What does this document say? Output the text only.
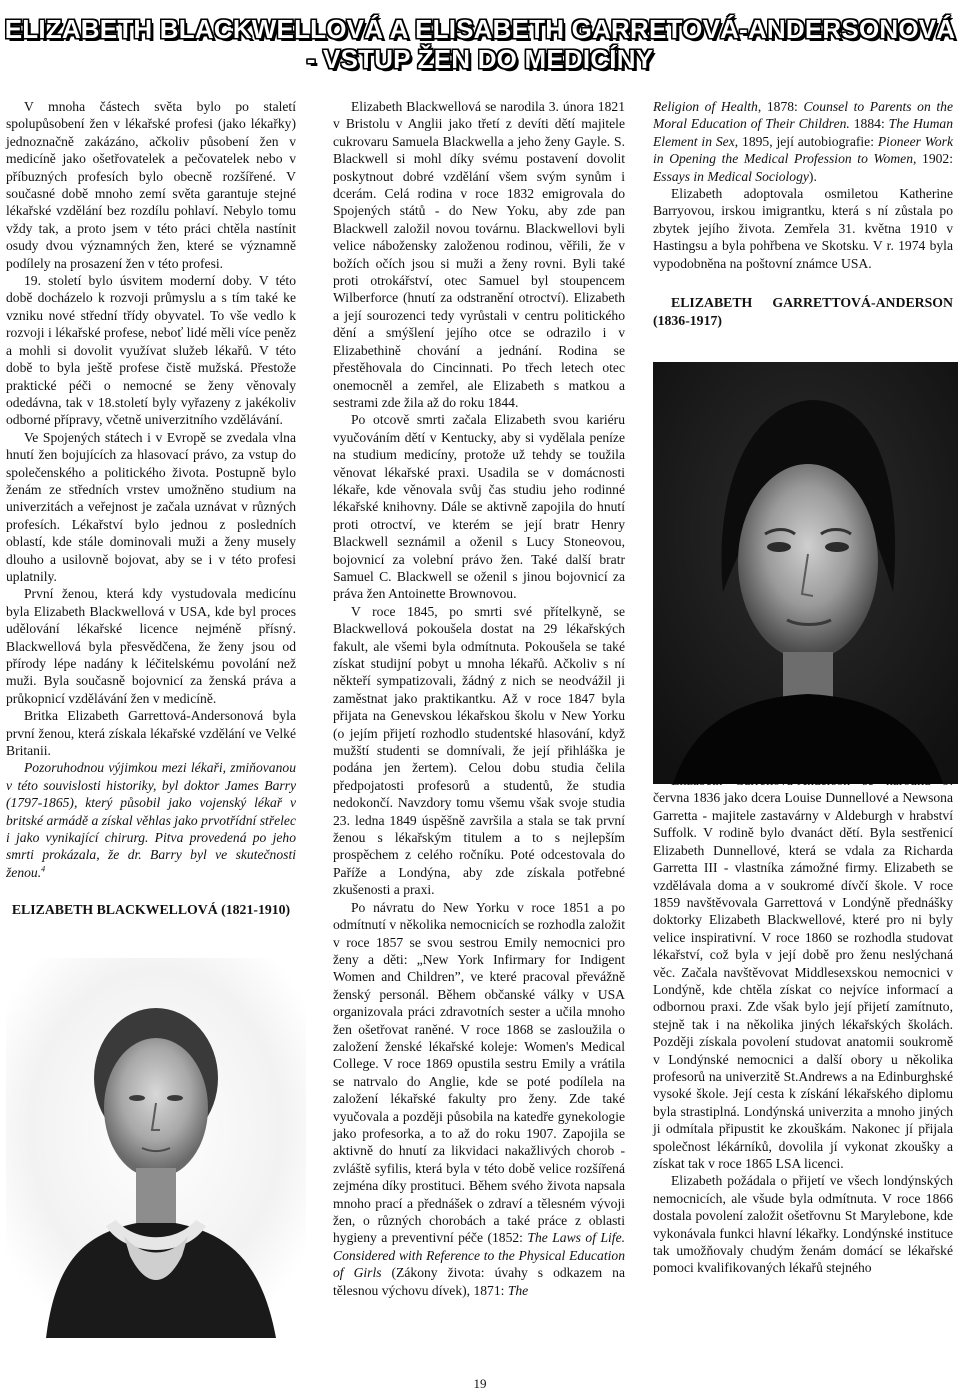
ELIZABETH BLACKWELLOVÁ A ELISABETH GARRETOVÁ-ANDERSONOVÁ - VSTUP ŽEN DO MEDICÍNY

V mnoha částech světa bylo po staletí spolupůsobení žen v lékařské profesi (jako lékařky) jednoznačně zakázáno, ačkoliv působení žen v medicíně jako ošetřovatelek a pečovatelek nebo v příbuzných profesích bylo obecně rozšířené. V současné době mnoho zemí světa garantuje stejné lékařské vzdělání bez rozdílu pohlaví. Nebylo tomu vždy tak, a proto jsem v této práci chtěla nastínit osudy dvou významných žen, které se významně podílely na prosazení žen v této profesi.

19. století bylo úsvitem moderní doby. V této době docházelo k rozvoji průmyslu a s tím také ke vzniku nové střední třídy obyvatel. To vše vedlo k rozvoji i lékařské profese, neboť lidé měli více peněz a mohli si dovolit využívat služeb lékařů. V této době to byla ještě profese čistě mužská. Přestože praktické péči o nemocné se ženy věnovaly odedávna, tak v 18.století byly vyřazeny z jakékoliv odborné přípravy, včetně univerzitního vzdělávání.

Ve Spojených státech i v Evropě se zvedala vlna hnutí žen bojujících za hlasovací právo, za vstup do společenského a politického života. Postupně bylo ženám ze středních vrstev umožněno studium na univerzitách a veřejnost je začala uznávat v různých profesích. Lékařství bylo jednou z posledních oblastí, kde stále dominovali muži a ženy musely dlouho a usilovně bojovat, aby se i v této profesi uplatnily.

První ženou, která kdy vystudovala medicínu byla Elizabeth Blackwellová v USA, kde byl proces udělování lékařské licence nejméně přísný. Blackwellová byla přesvědčena, že ženy jsou od přírody lépe nadány k léčitelskému povolání než muži. Byla současně bojovnicí za ženská práva a průkopnicí vzdělávání žen v medicíně.

Britka Elizabeth Garrettová-Andersonová byla první ženou, která získala lékařské vzdělání ve Velké Britanii.

Pozoruhodnou výjimkou mezi lékaři, zmiňovanou v této souvislosti historiky, byl doktor James Barry (1797-1865), který působil jako vojenský lékař v britské armádě a získal věhlas jako prvotřídní střelec i jako vynikající chirurg. Pitva provedená po jeho smrti prokázala, že dr. Barry byl ve skutečnosti ženou.$^4$

ELIZABETH BLACKWELLOVÁ (1821-1910)

Elizabeth Blackwellová se narodila 3. února 1821 v Bristolu v Anglii jako třetí z devíti dětí majitele cukrovaru Samuela Blackwella a jeho ženy Gayle. S. Blackwell si mohl díky svému postavení dovolit poskytnout dobré vzdělání všem svým synům i dcerám. Celá rodina v roce 1832 emigrovala do Spojených států - do New Yoku, aby zde pan Blackwell založil novou továrnu. Blackwellovi byli velice nábožensky založenou rodinou, věřili, že v božích očích jsou si muži a ženy rovni. Byli také proti otrokářství, otec Samuel byl stoupencem Wilberforce (hnutí za odstranění otroctví). Elizabeth a její sourozenci tedy vyrůstali v centru politického dění a smýšlení jejího otce se odrazilo i v Elizabethině chování a jednání. Rodina se přestěhovala do Cincinnati. Po třech letech otec onemocněl a zemřel, ale Elizabeth s matkou a sestrami zde žila až do roku 1844.

Po otcově smrti začala Elizabeth svou kariéru vyučováním dětí v Kentucky, aby si vydělala peníze na studium medicíny, protože už tehdy se toužila věnovat lékařské praxi. Usadila se v domácnosti lékaře, kde věnovala svůj čas studiu jeho rodinné lékařské knihovny. Dále se aktivně zapojila do hnutí proti otroctví, ve kterém se její bratr Henry Blackwell seznámil a oženil s Lucy Stoneovou, bojovnicí za volební právo žen. Také další bratr Samuel C. Blackwell se oženil s jinou bojovnicí za práva žen Antoinette Brownovou.

V roce 1845, po smrti své přítelkyně, se Blackwellová pokoušela dostat na 29 lékařských fakult, ale všemi byla odmítnuta. Pokoušela se také získat studijní pobyt u mnoha lékařů. Ačkoliv s ní někteří sympatizovali, žádný z nich se neodvážil ji zaměstnat jako praktikantku. Až v roce 1847 byla přijata na Genevskou lékařskou školu v New Yorku (o jejím přijetí rozhodlo studentské hlasování, když mužští studenti se domnívali, že její přihláška je podána jen žertem). Celou dobu studia čelila předpojatosti profesorů a studentů, že studia nedokončí. Navzdory tomu všemu však svoje studia 23. ledna 1849 úspěšně završila a stala se tak první ženou s lékařským titulem a to s nejlepším prospěchem z celého ročníku. Poté odcestovala do Paříže a Londýna, aby zde získala potřebné zkušenosti a praxi.

Po návratu do New Yorku v roce 1851 a po odmítnutí v několika nemocnicích se rozhodla založit v roce 1857 se svou sestrou Emily nemocnici pro ženy a děti: „New York Infirmary for Indigent Women and Children”, ve které pracoval převážně ženský personál. Během občanské války v USA organizovala práci zdravotních sester a učila mnoho žen ošetřovat raněné. V roce 1868 se zasloužila o založení ženské lékařské koleje: Women's Medical College. V roce 1869 opustila sestru Emily a vrátila se natrvalo do Anglie, kde se poté podílela na založení lékařské fakulty pro ženy. Zde také vyučovala a později působila na katedře gynekologie jako profesorka, a to až do roku 1907. Zapojila se aktivně do hnutí za likvidaci nakažlivých chorob - zvláště syfilis, která byla v této době velice rozšířená zejména díky prostituci. Během svého života napsala mnoho prací a přednášek o zdraví a tělesném vývoji žen, o různých chorobách a také práce z oblasti hygieny a preventivní péče (1852: The Laws of Life. Considered with Reference to the Physical Education of Girls (Zákony života: úvahy s odkazem na tělesnou výchovu dívek), 1871: The

Religion of Health, 1878: Counsel to Parents on the Moral Education of Their Children. 1884: The Human Element in Sex, 1895, její autobiografie: Pioneer Work in Opening the Medical Profession to Women, 1902: Essays in Medical Sociology).

Elizabeth adoptovala osmiletou Katherine Barryovou, irskou imigrantku, která s ní zůstala po zbytek jejího života. Zemřela 31. května 1910 v Hastingsu a byla pohřbena ve Skotsku. V r. 1974 byla vypodobněna na poštovní známce USA.

ELIZABETH GARRETTOVÁ-ANDERSON (1836-1917)

června 1836 jako dcera Louise Dunnellové a Newsona Garretta - majitele zastavárny v Aldeburgh v hrabství Suffolk. V rodině bylo dvanáct dětí. Byla sestřenicí Elizabeth Dunnellové, která se vdala za Richarda Garretta III - vlastníka zámožné firmy. Elizabeth se vzdělávala doma a v soukromé dívčí škole. V roce 1859 navštěvovala Garrettová v Londýně přednášky doktorky Elizabeth Blackwellové, které pro ni byly velice inspirativní. V roce 1860 se rozhodla studovat lékařství, což byla v její době pro ženu neslýchaná věc. Začala navštěvovat Middlesexskou nemocnici v Londýně, kde chtěla získat co nejvíce informací a odbornou praxi. Zde však bylo její přijetí zamítnuto, stejně tak i na několika jiných lékařských školách. Později získala povolení studovat anatomii soukromě v Londýnské nemocnici a další obory u několika profesorů na univerzitě St.Andrews a na Edinburghské vysoké škole. Její cesta k získání lékařského diplomu byla strastiplná. Londýnská univerzita a mnoho jiných ji odmítala připustit ke zkouškám. Nakonec jí přijala společnost lékárníků, dovolila jí vykonat zkoušky a získat tak v roce 1865 LSA licenci.

Elizabeth požádala o přijetí ve všech londýnských nemocnicích, ale všude byla odmítnuta. V roce 1866 dostala povolení založit ošetřovnu St Marylebone, kde vykonávala funkci hlavní lékařky. Londýnské instituce tak umožňovaly chudým ženám domácí se lékařské pomoci kvalifikovaných lékařů stejného

19
